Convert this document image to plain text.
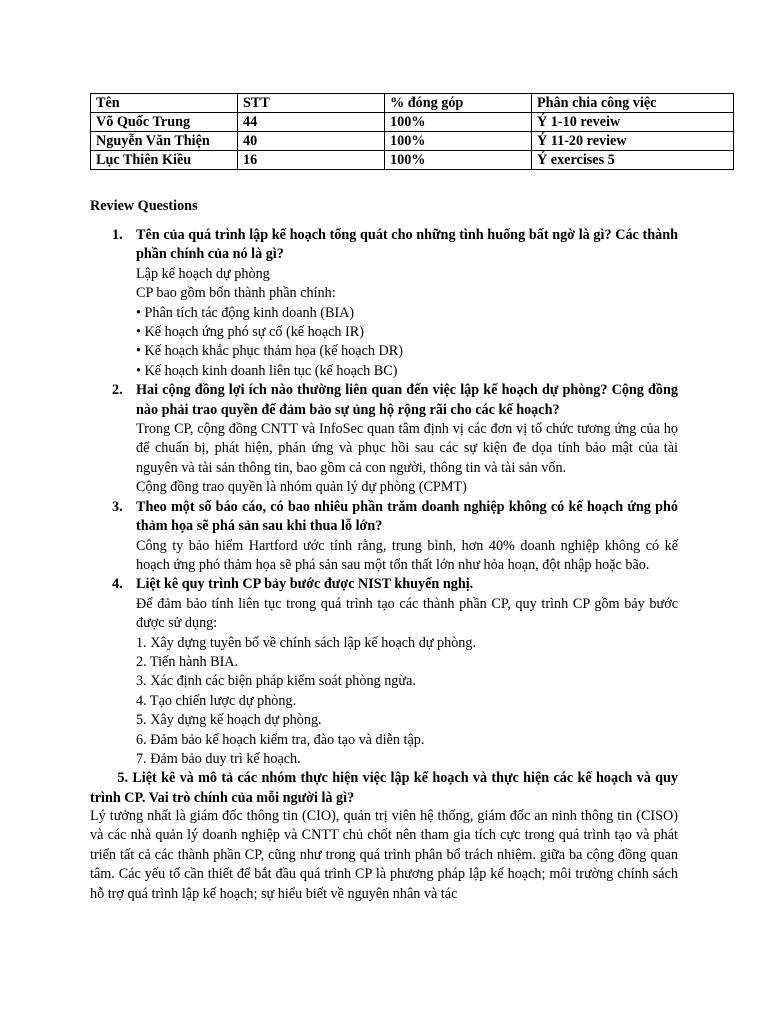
Tên	STT	% đóng góp	Phân chia công việc
Võ Quốc Trung	44	100%	Ý 1-10 reveiw
Nguyễn Văn Thiện	40	100%	Ý 11-20 review
Lục Thiên Kiều	16	100%	Ý exercises 5

Review Questions

1. Tên của quá trình lập kế hoạch tổng quát cho những tình huống bất ngờ là gì? Các thành phần chính của nó là gì?
Lập kế hoạch dự phòng
CP bao gồm bốn thành phần chính:
• Phân tích tác động kinh doanh (BIA)
• Kế hoạch ứng phó sự cố (kế hoạch IR)
• Kế hoạch khắc phục thảm họa (kế hoạch DR)
• Kế hoạch kinh doanh liên tục (kế hoạch BC)
2. Hai cộng đồng lợi ích nào thường liên quan đến việc lập kế hoạch dự phòng? Cộng đồng nào phải trao quyền để đảm bảo sự ủng hộ rộng rãi cho các kế hoạch?
Trong CP, cộng đồng CNTT và InfoSec quan tâm định vị các đơn vị tổ chức tương ứng của họ để chuẩn bị, phát hiện, phản ứng và phục hồi sau các sự kiện đe dọa tính bảo mật của tài nguyên và tài sản thông tin, bao gồm cả con người, thông tin và tài sản vốn.
Cộng đồng trao quyền là nhóm quản lý dự phòng (CPMT)
3. Theo một số báo cáo, có bao nhiêu phần trăm doanh nghiệp không có kế hoạch ứng phó thảm họa sẽ phá sản sau khi thua lỗ lớn?
Công ty bảo hiểm Hartford ước tính rằng, trung bình, hơn 40% doanh nghiệp không có kế hoạch ứng phó thảm họa sẽ phá sản sau một tổn thất lớn như hỏa hoạn, đột nhập hoặc bão.
4. Liệt kê quy trình CP bảy bước được NIST khuyến nghị.
Để đảm bảo tính liên tục trong quá trình tạo các thành phần CP, quy trình CP gồm bảy bước được sử dụng:
1. Xây dựng tuyên bố về chính sách lập kế hoạch dự phòng.
2. Tiến hành BIA.
3. Xác định các biện pháp kiểm soát phòng ngừa.
4. Tạo chiến lược dự phòng.
5. Xây dựng kế hoạch dự phòng.
6. Đảm bảo kế hoạch kiểm tra, đào tạo và diễn tập.
7. Đảm bảo duy trì kế hoạch.
5. Liệt kê và mô tả các nhóm thực hiện việc lập kế hoạch và thực hiện các kế hoạch và quy trình CP. Vai trò chính của mỗi người là gì?

Lý tưởng nhất là giám đốc thông tin (CIO), quản trị viên hệ thống, giám đốc an ninh thông tin (CISO) và các nhà quản lý doanh nghiệp và CNTT chủ chốt nên tham gia tích cực trong quá trình tạo và phát triển tất cả các thành phần CP, cũng như trong quá trình phân bổ trách nhiệm. giữa ba cộng đồng quan tâm. Các yếu tố cần thiết để bắt đầu quá trình CP là phương pháp lập kế hoạch; môi trường chính sách hỗ trợ quá trình lập kế hoạch; sự hiểu biết về nguyên nhân và tác
